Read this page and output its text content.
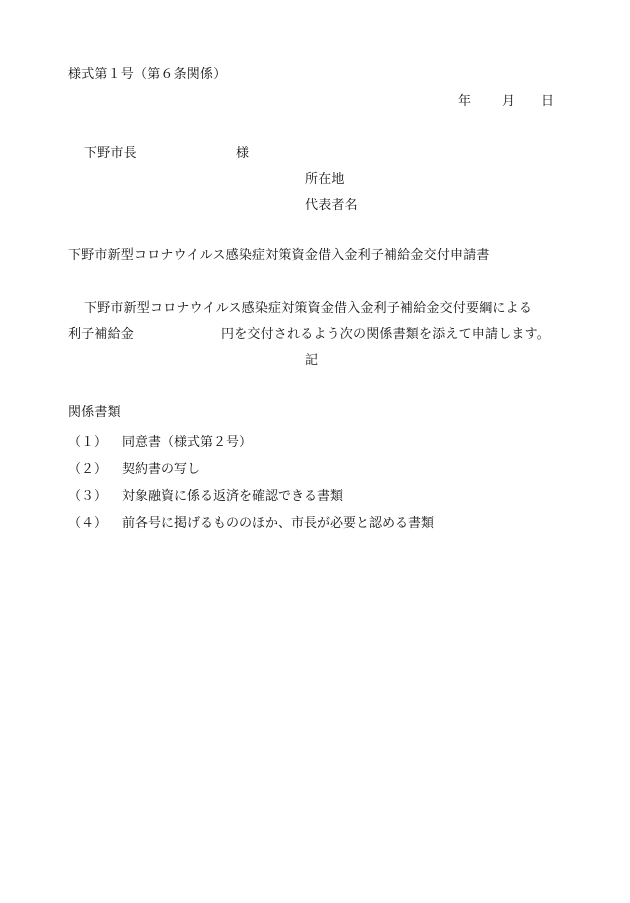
様式第１号（第６条関係）
年 月 日
下野市長	様
所在地
代表者名
下野市新型コロナウイルス感染症対策資金借入金利子補給金交付申請書
下野市新型コロナウイルス感染症対策資金借入金利子補給金交付要綱による
利子補給金	円を交付されるよう次の関係書類を添えて申請します。
記
関係書類
（１） 同意書（様式第２号）
（２） 契約書の写し
（３） 対象融資に係る返済を確認できる書類
（４） 前各号に掲げるもののほか、市長が必要と認める書類
